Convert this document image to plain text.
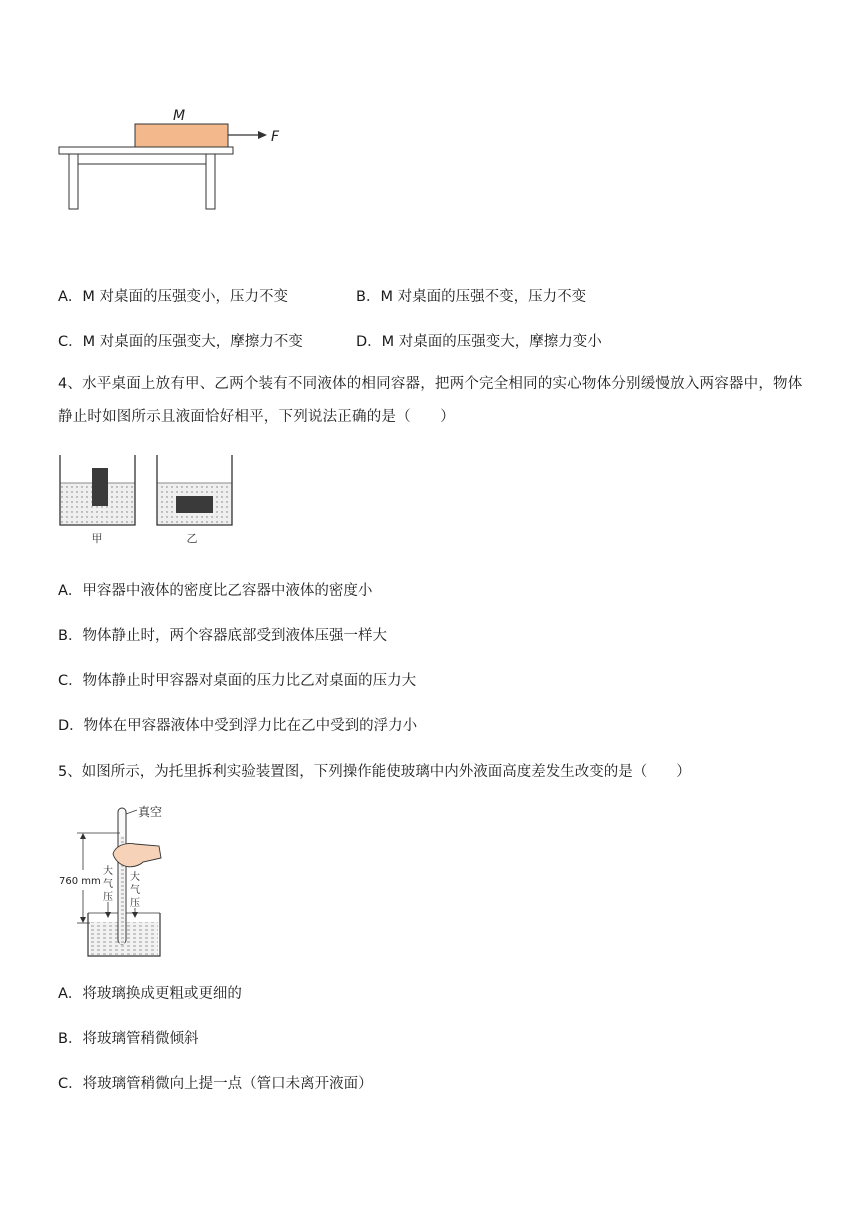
M
F
A．M 对桌面的压强变小，压力不变	B．M 对桌面的压强不变，压力不变
C．M 对桌面的压强变大，摩擦力不变	D．M 对桌面的压强变大，摩擦力变小
4、水平桌面上放有甲、乙两个装有不同液体的相同容器，把两个完全相同的实心物体分别缓慢放入两容器中，物体静止时如图所示且液面恰好相平，下列说法正确的是（　　）
甲	乙
A．甲容器中液体的密度比乙容器中液体的密度小
B．物体静止时，两个容器底部受到液体压强一样大
C．物体静止时甲容器对桌面的压力比乙对桌面的压力大
D．物体在甲容器液体中受到浮力比在乙中受到的浮力小
5、如图所示，为托里拆利实验装置图，下列操作能使玻璃中内外液面高度差发生改变的是（　　）
真空
760 mm
大
气
压
大
气
压
A．将玻璃换成更粗或更细的
B．将玻璃管稍微倾斜
C．将玻璃管稍微向上提一点（管口未离开液面）
